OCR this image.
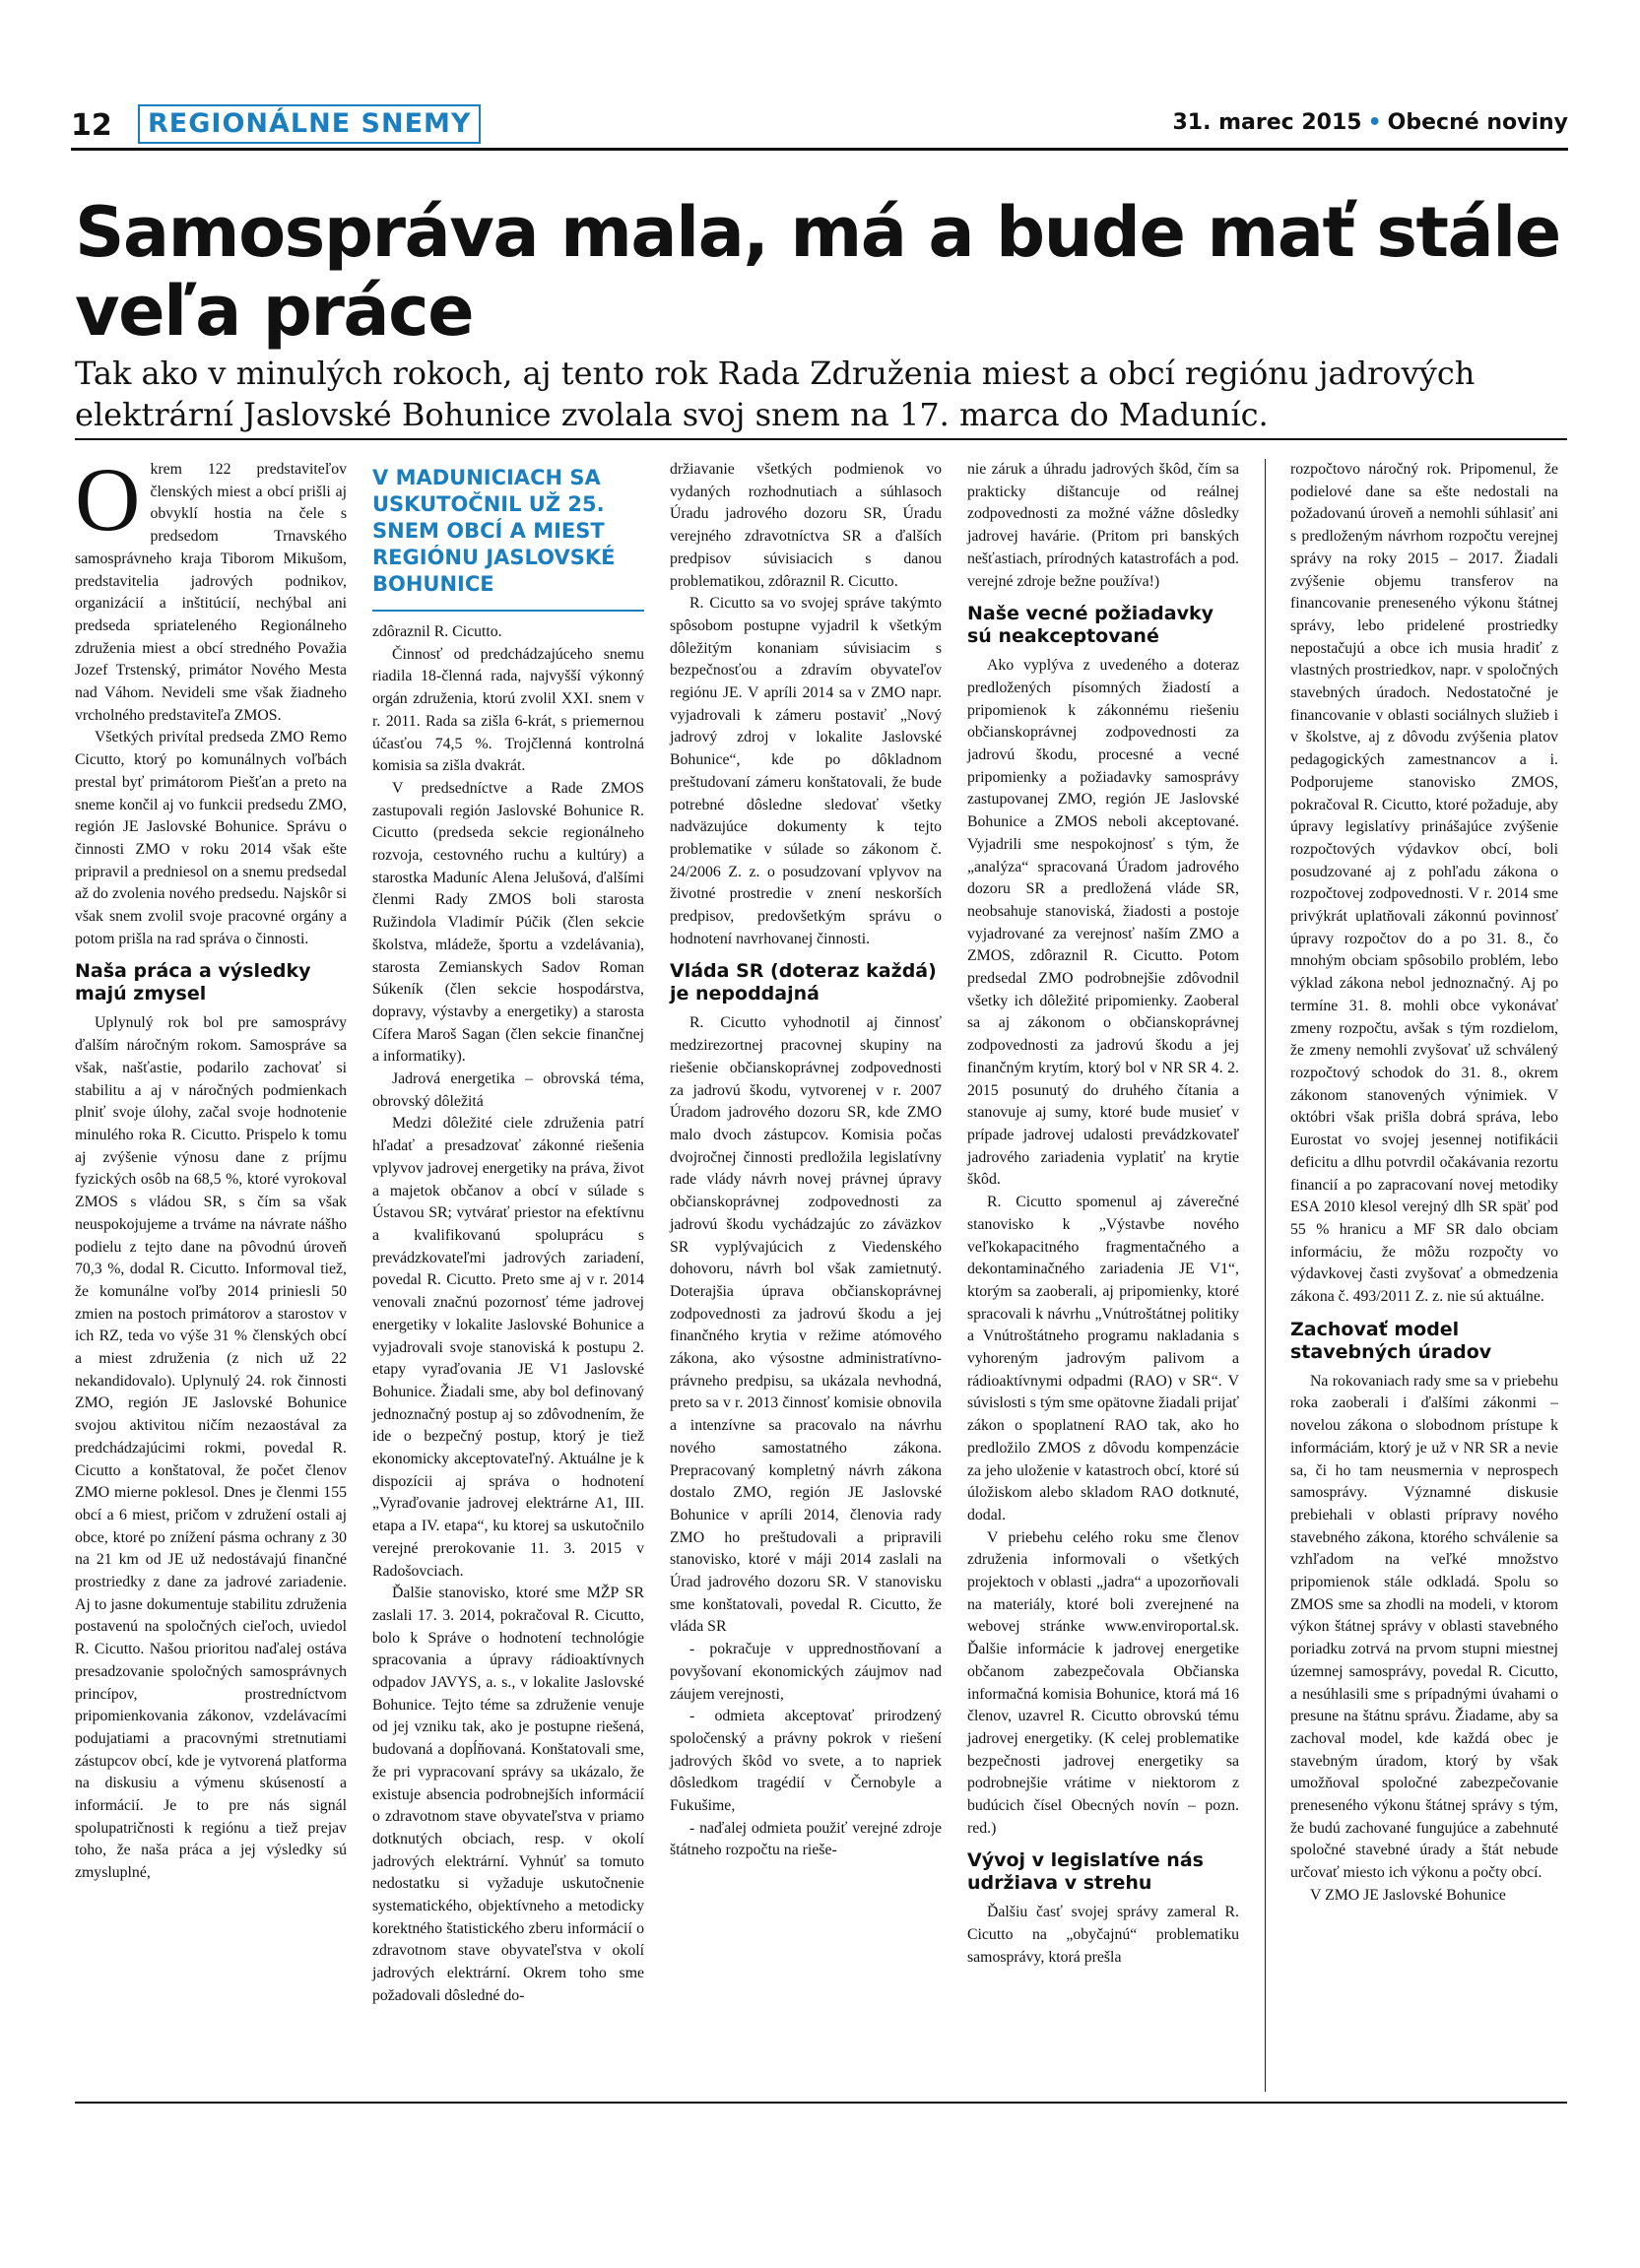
12	REGIONÁLNE SNEMY	31. marec 2015 • Obecné noviny
Samospráva mala, má a bude mať stále veľa práce

Tak ako v minulých rokoch, aj tento rok Rada Združenia miest a obcí regiónu jadrových elektrární Jaslovské Bohunice zvolala svoj snem na 17. marca do Maduníc.

Okrem 122 predstaviteľov členských miest a obcí prišli aj obvyklí hostia na čele s predsedom Trnavského samosprávneho kraja Tiborom Mikušom, predstavitelia jadrových podnikov, organizácií a inštitúcií, nechýbal ani predseda spriateleného Regionálneho združenia miest a obcí stredného Považia Jozef Trstenský, primátor Nového Mesta nad Váhom. Nevideli sme však žiadneho vrcholného predstaviteľa ZMOS.

Všetkých privítal predseda ZMO Remo Cicutto, ktorý po komunálnych voľbách prestal byť primátorom Piešťan a preto na sneme končil aj vo funkcii predsedu ZMO, región JE Jaslovské Bohunice. Správu o činnosti ZMO v roku 2014 však ešte pripravil a predniesol on a snemu predsedal až do zvolenia nového predsedu. Najskôr si však snem zvolil svoje pracovné orgány a potom prišla na rad správa o činnosti.

Naša práca a výsledky majú zmysel

Uplynulý rok bol pre samosprávy ďalším náročným rokom. Samospráve sa však, našťastie, podarilo zachovať si stabilitu a aj v náročných podmienkach plniť svoje úlohy, začal svoje hodnotenie minulého roka R. Cicutto. Prispelo k tomu aj zvýšenie výnosu dane z príjmu fyzických osôb na 68,5 %, ktoré vyrokoval ZMOS s vládou SR, s čím sa však neuspokojujeme a trváme na návrate nášho podielu z tejto dane na pôvodnú úroveň 70,3 %, dodal R. Cicutto. Informoval tiež, že komunálne voľby 2014 priniesli 50 zmien na postoch primátorov a starostov v ich RZ, teda vo výše 31 % členských obcí a miest združenia (z nich už 22 nekandidovalo). Uplynulý 24. rok činnosti ZMO, región JE Jaslovské Bohunice svojou aktivitou ničím nezaostával za predchádzajúcimi rokmi, povedal R. Cicutto a konštatoval, že počet členov ZMO mierne poklesol. Dnes je členmi 155 obcí a 6 miest, pričom v združení ostali aj obce, ktoré po znížení pásma ochrany z 30 na 21 km od JE už nedostávajú finančné prostriedky z dane za jadrové zariadenie. Aj to jasne dokumentuje stabilitu združenia postavenú na spoločných cieľoch, uviedol R. Cicutto. Našou prioritou naďalej ostáva presadzovanie spoločných samosprávnych princípov, prostredníctvom pripomienkovania zákonov, vzdelávacími podujatiami a pracovnými stretnutiami zástupcov obcí, kde je vytvorená platforma na diskusiu a výmenu skúseností a informácií. Je to pre nás signál spolupatričnosti k regiónu a tiež prejav toho, že naša práca a jej výsledky sú zmysluplné,

V MADUNICIACH SA USKUTOČNIL UŽ 25. SNEM OBCÍ A MIEST REGIÓNU JASLOVSKÉ BOHUNICE

zdôraznil R. Cicutto.

Činnosť od predchádzajúceho snemu riadila 18-členná rada, najvyšší výkonný orgán združenia, ktorú zvolil XXI. snem v r. 2011. Rada sa zišla 6-krát, s priemernou účasťou 74,5 %. Trojčlenná kontrolná komisia sa zišla dvakrát.

V predsedníctve a Rade ZMOS zastupovali región Jaslovské Bohunice R. Cicutto (predseda sekcie regionálneho rozvoja, cestovného ruchu a kultúry) a starostka Maduníc Alena Jelušová, ďalšími členmi Rady ZMOS boli starosta Ružindola Vladimír Púčik (člen sekcie školstva, mládeže, športu a vzdelávania), starosta Zemianskych Sadov Roman Súkeník (člen sekcie hospodárstva, dopravy, výstavby a energetiky) a starosta Cífera Maroš Sagan (člen sekcie finančnej a informatiky).

Jadrová energetika – obrovská téma, obrovský dôležitá

Medzi dôležité ciele združenia patrí hľadať a presadzovať zákonné riešenia vplyvov jadrovej energetiky na práva, život a majetok občanov a obcí v súlade s Ústavou SR; vytvárať priestor na efektívnu a kvalifikovanú spoluprácu s prevádzkovateľmi jadrových zariadení, povedal R. Cicutto. Preto sme aj v r. 2014 venovali značnú pozornosť téme jadrovej energetiky v lokalite Jaslovské Bohunice a vyjadrovali svoje stanoviská k postupu 2. etapy vyraďovania JE V1 Jaslovské Bohunice. Žiadali sme, aby bol definovaný jednoznačný postup aj so zdôvodnením, že ide o bezpečný postup, ktorý je tiež ekonomicky akceptovateľný. Aktuálne je k dispozícii aj správa o hodnotení „Vyraďovanie jadrovej elektrárne A1, III. etapa a IV. etapa“, ku ktorej sa uskutočnilo verejné prerokovanie 11. 3. 2015 v Radošovciach.

Ďalšie stanovisko, ktoré sme MŽP SR zaslali 17. 3. 2014, pokračoval R. Cicutto, bolo k Správe o hodnotení technológie spracovania a úpravy rádioaktívnych odpadov JAVYS, a. s., v lokalite Jaslovské Bohunice. Tejto téme sa združenie venuje od jej vzniku tak, ako je postupne riešená, budovaná a dopĺňovaná. Konštatovali sme, že pri vypracovaní správy sa ukázalo, že existuje absencia podrobnejších informácií o zdravotnom stave obyvateľstva v priamo dotknutých obciach, resp. v okolí jadrových elektrární. Vyhnúť sa tomuto nedostatku si vyžaduje uskutočnenie systematického, objektívneho a metodicky korektného štatistického zberu informácií o zdravotnom stave obyvateľstva v okolí jadrových elektrární. Okrem toho sme požadovali dôsledné do-

držiavanie všetkých podmienok vo vydaných rozhodnutiach a súhlasoch Úradu jadrového dozoru SR, Úradu verejného zdravotníctva SR a ďalších predpisov súvisiacich s danou problematikou, zdôraznil R. Cicutto.

R. Cicutto sa vo svojej správe takýmto spôsobom postupne vyjadril k všetkým dôležitým konaniam súvisiacim s bezpečnosťou a zdravím obyvateľov regiónu JE. V apríli 2014 sa v ZMO napr. vyjadrovali k zámeru postaviť „Nový jadrový zdroj v lokalite Jaslovské Bohunice“, kde po dôkladnom preštudovaní zámeru konštatovali, že bude potrebné dôsledne sledovať všetky nadväzujúce dokumenty k tejto problematike v súlade so zákonom č. 24/2006 Z. z. o posudzovaní vplyvov na životné prostredie v znení neskorších predpisov, predovšetkým správu o hodnotení navrhovanej činnosti.

Vláda SR (doteraz každá) je nepoddajná

R. Cicutto vyhodnotil aj činnosť medzirezortnej pracovnej skupiny na riešenie občianskoprávnej zodpovednosti za jadrovú škodu, vytvorenej v r. 2007 Úradom jadrového dozoru SR, kde ZMO malo dvoch zástupcov. Komisia počas dvojročnej činnosti predložila legislatívny rade vlády návrh novej právnej úpravy občianskoprávnej zodpovednosti za jadrovú škodu vychádzajúc zo záväzkov SR vyplývajúcich z Viedenského dohovoru, návrh bol však zamietnutý. Doterajšia úprava občianskoprávnej zodpovednosti za jadrovú škodu a jej finančného krytia v režime atómového zákona, ako výsostne administratívno-právneho predpisu, sa ukázala nevhodná, preto sa v r. 2013 činnosť komisie obnovila a intenzívne sa pracovalo na návrhu nového samostatného zákona. Prepracovaný kompletný návrh zákona dostalo ZMO, región JE Jaslovské Bohunice v apríli 2014, členovia rady ZMO ho preštudovali a pripravili stanovisko, ktoré v máji 2014 zaslali na Úrad jadrového dozoru SR. V stanovisku sme konštatovali, povedal R. Cicutto, že vláda SR

- pokračuje v upprednostňovaní a povyšovaní ekonomických záujmov nad záujem verejnosti,

- odmieta akceptovať prirodzený spoločenský a právny pokrok v riešení jadrových škôd vo svete, a to napriek dôsledkom tragédií v Černobyle a Fukušime,

- naďalej odmieta použiť verejné zdroje štátneho rozpočtu na rieše-

nie záruk a úhradu jadrových škôd, čím sa prakticky dištancuje od reálnej zodpovednosti za možné vážne dôsledky jadrovej havárie. (Pritom pri banských nešťastiach, prírodných katastrofách a pod. verejné zdroje bežne používa!)

Naše vecné požiadavky sú neakceptované

Ako vyplýva z uvedeného a doteraz predložených písomných žiadostí a pripomienok k zákonnému riešeniu občianskoprávnej zodpovednosti za jadrovú škodu, procesné a vecné pripomienky a požiadavky samosprávy zastupovanej ZMO, región JE Jaslovské Bohunice a ZMOS neboli akceptované. Vyjadrili sme nespokojnosť s tým, že „analýza“ spracovaná Úradom jadrového dozoru SR a predložená vláde SR, neobsahuje stanoviská, žiadosti a postoje vyjadrované za verejnosť naším ZMO a ZMOS, zdôraznil R. Cicutto. Potom predsedal ZMO podrobnejšie zdôvodnil všetky ich dôležité pripomienky. Zaoberal sa aj zákonom o občianskoprávnej zodpovednosti za jadrovú škodu a jej finančným krytím, ktorý bol v NR SR 4. 2. 2015 posunutý do druhého čítania a stanovuje aj sumy, ktoré bude musieť v prípade jadrovej udalosti prevádzkovateľ jadrového zariadenia vyplatiť na krytie škôd.

R. Cicutto spomenul aj záverečné stanovisko k „Výstavbe nového veľkokapacitného fragmentačného a dekontaminačného zariadenia JE V1“, ktorým sa zaoberali, aj pripomienky, ktoré spracovali k návrhu „Vnútroštátnej politiky a Vnútroštátneho programu nakladania s vyhoreným jadrovým palivom a rádioaktívnymi odpadmi (RAO) v SR“. V súvislosti s tým sme opätovne žiadali prijať zákon o spoplatnení RAO tak, ako ho predložilo ZMOS z dôvodu kompenzácie za jeho uloženie v katastroch obcí, ktoré sú úložiskom alebo skladom RAO dotknuté, dodal.

V priebehu celého roku sme členov združenia informovali o všetkých projektoch v oblasti „jadra“ a upozorňovali na materiály, ktoré boli zverejnené na webovej stránke www.enviroportal.sk. Ďalšie informácie k jadrovej energetike občanom zabezpečovala Občianska informačná komisia Bohunice, ktorá má 16 členov, uzavrel R. Cicutto obrovskú tému jadrovej energetiky. (K celej problematike bezpečnosti jadrovej energetiky sa podrobnejšie vrátime v niektorom z budúcich čísel Obecných novín – pozn. red.)

Vývoj v legislatíve nás udržiava v strehu

Ďalšiu časť svojej správy zameral R. Cicutto na „obyčajnú“ problematiku samosprávy, ktorá prešla

rozpočtovo náročný rok. Pripomenul, že podielové dane sa ešte nedostali na požadovanú úroveň a nemohli súhlasiť ani s predloženým návrhom rozpočtu verejnej správy na roky 2015 – 2017. Žiadali zvýšenie objemu transferov na financovanie preneseného výkonu štátnej správy, lebo pridelené prostriedky nepostačujú a obce ich musia hradiť z vlastných prostriedkov, napr. v spoločných stavebných úradoch. Nedostatočné je financovanie v oblasti sociálnych služieb i v školstve, aj z dôvodu zvýšenia platov pedagogických zamestnancov a i. Podporujeme stanovisko ZMOS, pokračoval R. Cicutto, ktoré požaduje, aby úpravy legislatívy prinášajúce zvýšenie rozpočtových výdavkov obcí, boli posudzované aj z pohľadu zákona o rozpočtovej zodpovednosti. V r. 2014 sme privýkrát uplatňovali zákonnú povinnosť úpravy rozpočtov do a po 31. 8., čo mnohým obciam spôsobilo problém, lebo výklad zákona nebol jednoznačný. Aj po termíne 31. 8. mohli obce vykonávať zmeny rozpočtu, avšak s tým rozdielom, že zmeny nemohli zvyšovať už schválený rozpočtový schodok do 31. 8., okrem zákonom stanovených výnimiek. V októbri však prišla dobrá správa, lebo Eurostat vo svojej jesennej notifikácii deficitu a dlhu potvrdil očakávania rezortu financií a po zapracovaní novej metodiky ESA 2010 klesol verejný dlh SR späť pod 55 % hranicu a MF SR dalo obciam informáciu, že môžu rozpočty vo výdavkovej časti zvyšovať a obmedzenia zákona č. 493/2011 Z. z. nie sú aktuálne.

Zachovať model stavebných úradov

Na rokovaniach rady sme sa v priebehu roka zaoberali i ďalšími zákonmi – novelou zákona o slobodnom prístupe k informáciám, ktorý je už v NR SR a nevie sa, či ho tam neusmernia v neprospech samosprávy. Významné diskusie prebiehali v oblasti prípravy nového stavebného zákona, ktorého schválenie sa vzhľadom na veľké množstvo pripomienok stále odkladá. Spolu so ZMOS sme sa zhodli na modeli, v ktorom výkon štátnej správy v oblasti stavebného poriadku zotrvá na prvom stupni miestnej územnej samosprávy, povedal R. Cicutto, a nesúhlasili sme s prípadnými úvahami o presune na štátnu správu. Žiadame, aby sa zachoval model, kde každá obec je stavebným úradom, ktorý by však umožňoval spoločné zabezpečovanie preneseného výkonu štátnej správy s tým, že budú zachované fungujúce a zabehnuté spoločné stavebné úrady a štát nebude určovať miesto ich výkonu a počty obcí.

V ZMO JE Jaslovské Bohunice
